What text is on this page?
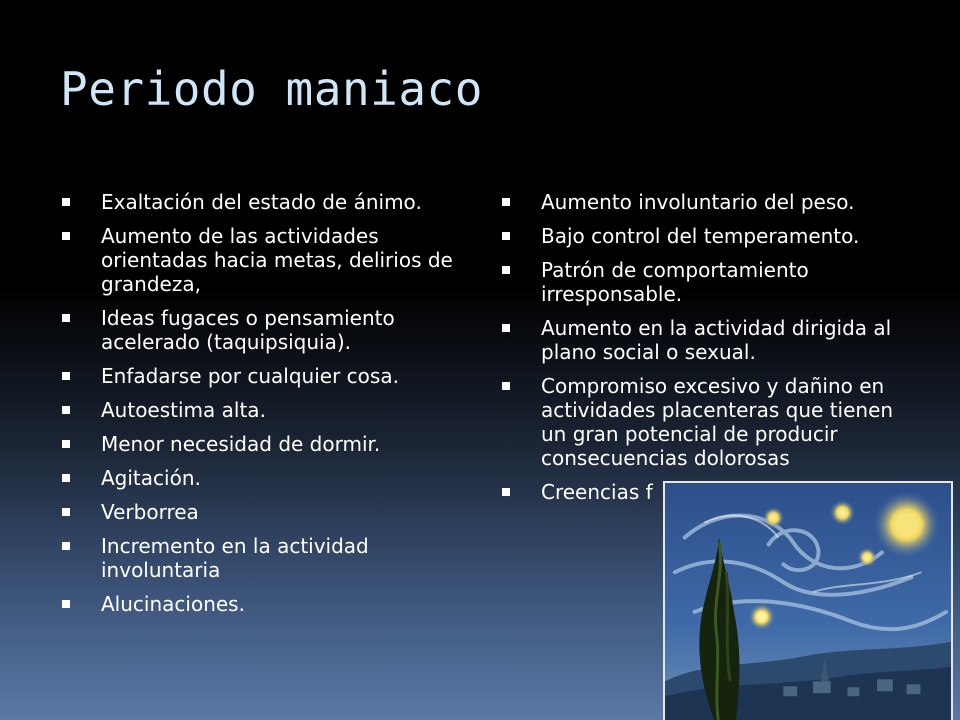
Periodo maniaco
Exaltación del estado de ánimo.
Aumento de las actividades orientadas hacia metas, delirios de grandeza,
Ideas fugaces o pensamiento acelerado (taquipsiquia).
Enfadarse por cualquier cosa.
Autoestima alta.
Menor necesidad de dormir.
Agitación.
Verborrea
Incremento en la actividad involuntaria
Alucinaciones.
Aumento involuntario del peso.
Bajo control del temperamento.
Patrón de comportamiento irresponsable.
Aumento en la actividad dirigida al plano social o sexual.
Compromiso excesivo y dañino en actividades placenteras que tienen un gran potencial de producir consecuencias dolorosas
Creencias f
